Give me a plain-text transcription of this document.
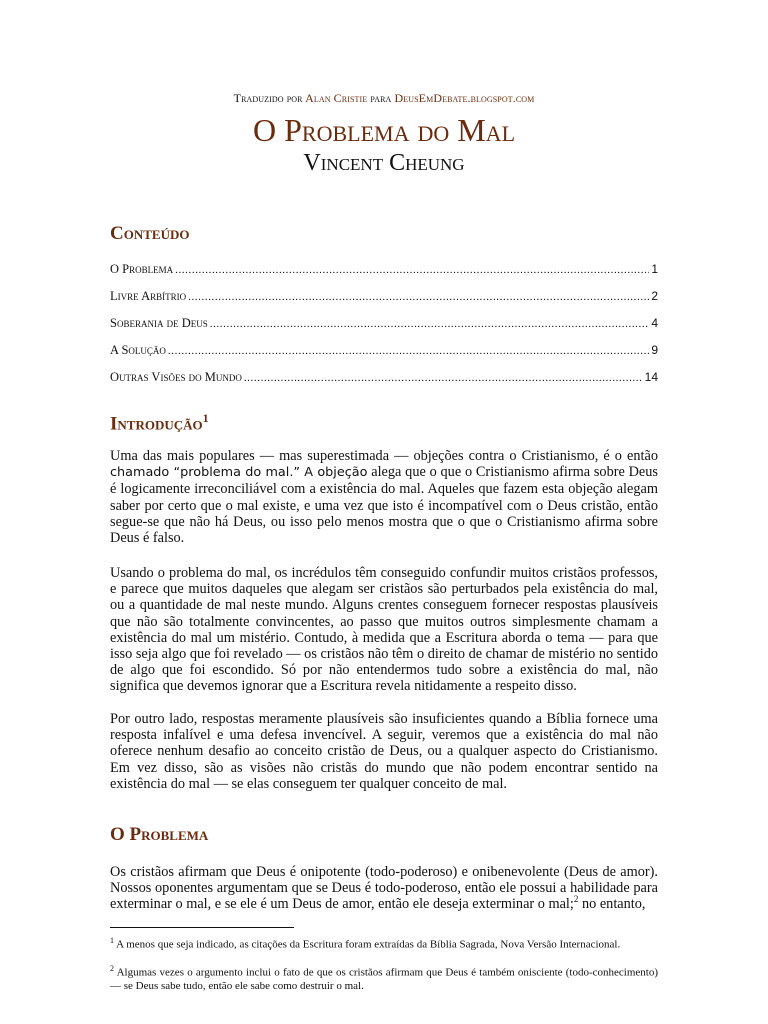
Traduzido por Alan Cristie para DeusEmDebate.blogspot.com
O Problema do Mal
Vincent Cheung
Conteúdo
O Problema .....	1
Livre Arbítrio .....	2
Soberania de Deus .....	4
A Solução .....	9
Outras Visões do Mundo .....	14
Introdução$^1$

Uma das mais populares — mas superestimada — objeções contra o Cristianismo, é o então chamado “problema do mal.” A objeção alega que o que o Cristianismo afirma sobre Deus é logicamente irreconciliável com a existência do mal. Aqueles que fazem esta objeção alegam saber por certo que o mal existe, e uma vez que isto é incompatível com o Deus cristão, então segue-se que não há Deus, ou isso pelo menos mostra que o que o Cristianismo afirma sobre Deus é falso.

Usando o problema do mal, os incrédulos têm conseguido confundir muitos cristãos professos, e parece que muitos daqueles que alegam ser cristãos são perturbados pela existência do mal, ou a quantidade de mal neste mundo. Alguns crentes conseguem fornecer respostas plausíveis que não são totalmente convincentes, ao passo que muitos outros simplesmente chamam a existência do mal um mistério. Contudo, à medida que a Escritura aborda o tema — para que isso seja algo que foi revelado — os cristãos não têm o direito de chamar de mistério no sentido de algo que foi escondido. Só por não entendermos tudo sobre a existência do mal, não significa que devemos ignorar que a Escritura revela nitidamente a respeito disso.

Por outro lado, respostas meramente plausíveis são insuficientes quando a Bíblia fornece uma resposta infalível e uma defesa invencível. A seguir, veremos que a existência do mal não oferece nenhum desafio ao conceito cristão de Deus, ou a qualquer aspecto do Cristianismo. Em vez disso, são as visões não cristãs do mundo que não podem encontrar sentido na existência do mal — se elas conseguem ter qualquer conceito de mal.

O Problema

Os cristãos afirmam que Deus é onipotente (todo-poderoso) e onibenevolente (Deus de amor). Nossos oponentes argumentam que se Deus é todo-poderoso, então ele possui a habilidade para exterminar o mal, e se ele é um Deus de amor, então ele deseja exterminar o mal;$^2$ no entanto,

$^1$ A menos que seja indicado, as citações da Escritura foram extraídas da Bíblia Sagrada, Nova Versão Internacional.

$^2$ Algumas vezes o argumento inclui o fato de que os cristãos afirmam que Deus é também onisciente (todo-conhecimento) — se Deus sabe tudo, então ele sabe como destruir o mal.
